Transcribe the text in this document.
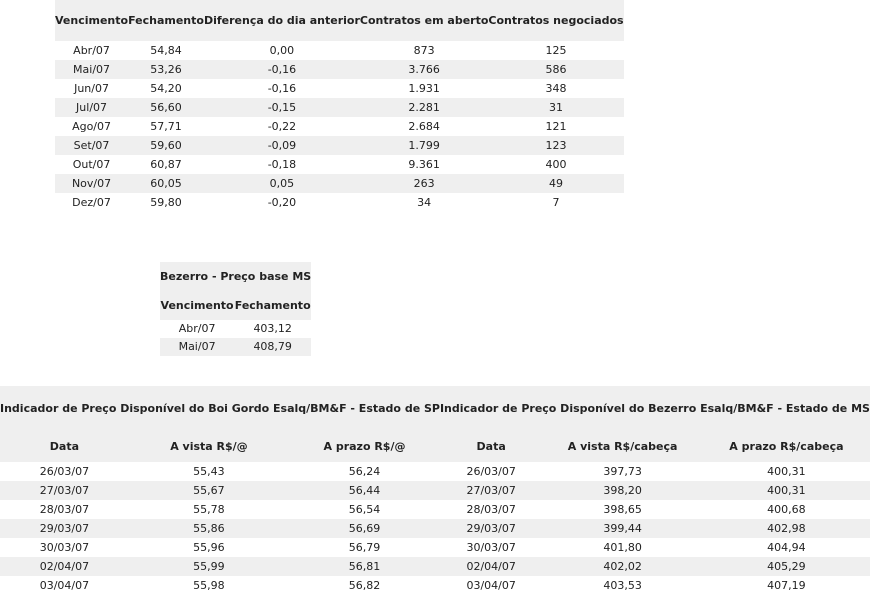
Vencimento	Fechamento	Diferença do dia anterior	Contratos em aberto	Contratos negociados
Abr/07	54,84	0,00	873	125
Mai/07	53,26	-0,16	3.766	586
Jun/07	54,20	-0,16	1.931	348
Jul/07	56,60	-0,15	2.281	31
Ago/07	57,71	-0,22	2.684	121
Set/07	59,60	-0,09	1.799	123
Out/07	60,87	-0,18	9.361	400
Nov/07	60,05	0,05	263	49
Dez/07	59,80	-0,20	34	7
Bezerro - Preço base MS	
Vencimento	Fechamento
Abr/07	403,12
Mai/07	408,79
Indicador de Preço Disponível do Boi Gordo Esalq/BM&F - Estado de SP			Indicador de Preço Disponível do Bezerro Esalq/BM&F - Estado de MS		
Data	A vista R$/@	A prazo R$/@	Data	A vista R$/cabeça	A prazo R$/cabeça
26/03/07	55,43	56,24	26/03/07	397,73	400,31
27/03/07	55,67	56,44	27/03/07	398,20	400,31
28/03/07	55,78	56,54	28/03/07	398,65	400,68
29/03/07	55,86	56,69	29/03/07	399,44	402,98
30/03/07	55,96	56,79	30/03/07	401,80	404,94
02/04/07	55,99	56,81	02/04/07	402,02	405,29
03/04/07	55,98	56,82	03/04/07	403,53	407,19
